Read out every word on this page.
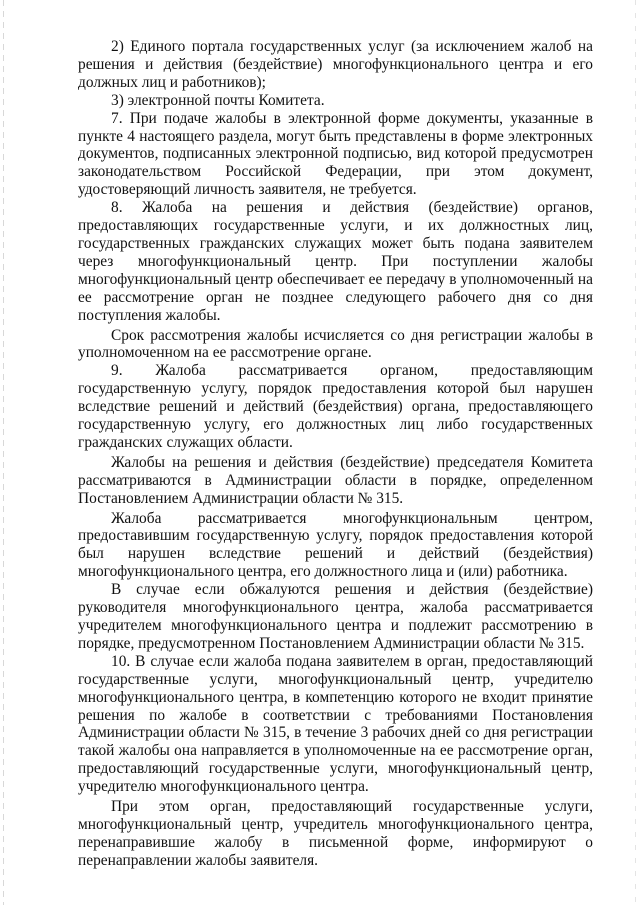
2) Единого портала государственных услуг (за исключением жалоб на решения и действия (бездействие) многофункционального центра и его должных лиц и работников);

3) электронной почты Комитета.

7. При подаче жалобы в электронной форме документы, указанные в пункте 4 настоящего раздела, могут быть представлены в форме электронных документов, подписанных электронной подписью, вид которой предусмотрен законодательством Российской Федерации, при этом документ, удостоверяющий личность заявителя, не требуется.

8. Жалоба на решения и действия (бездействие) органов, предоставляющих государственные услуги, и их должностных лиц, государственных гражданских служащих может быть подана заявителем через многофункциональный центр. При поступлении жалобы многофункциональный центр обеспечивает ее передачу в уполномоченный на ее рассмотрение орган не позднее следующего рабочего дня со дня поступления жалобы.

Срок рассмотрения жалобы исчисляется со дня регистрации жалобы в уполномоченном на ее рассмотрение органе.

9. Жалоба рассматривается органом, предоставляющим государственную услугу, порядок предоставления которой был нарушен вследствие решений и действий (бездействия) органа, предоставляющего государственную услугу, его должностных лиц либо государственных гражданских служащих области.

Жалобы на решения и действия (бездействие) председателя Комитета рассматриваются в Администрации области в порядке, определенном Постановлением Администрации области № 315.

Жалоба рассматривается многофункциональным центром, предоставившим государственную услугу, порядок предоставления которой был нарушен вследствие решений и действий (бездействия) многофункционального центра, его должностного лица и (или) работника.

В случае если обжалуются решения и действия (бездействие) руководителя многофункционального центра, жалоба рассматривается учредителем многофункционального центра и подлежит рассмотрению в порядке, предусмотренном Постановлением Администрации области № 315.

10. В случае если жалоба подана заявителем в орган, предоставляющий государственные услуги, многофункциональный центр, учредителю многофункционального центра, в компетенцию которого не входит принятие решения по жалобе в соответствии с требованиями Постановления Администрации области № 315, в течение 3 рабочих дней со дня регистрации такой жалобы она направляется в уполномоченные на ее рассмотрение орган, предоставляющий государственные услуги, многофункциональный центр, учредителю многофункционального центра.

При этом орган, предоставляющий государственные услуги, многофункциональный центр, учредитель многофункционального центра, перенаправившие жалобу в письменной форме, информируют о перенаправлении жалобы заявителя.
